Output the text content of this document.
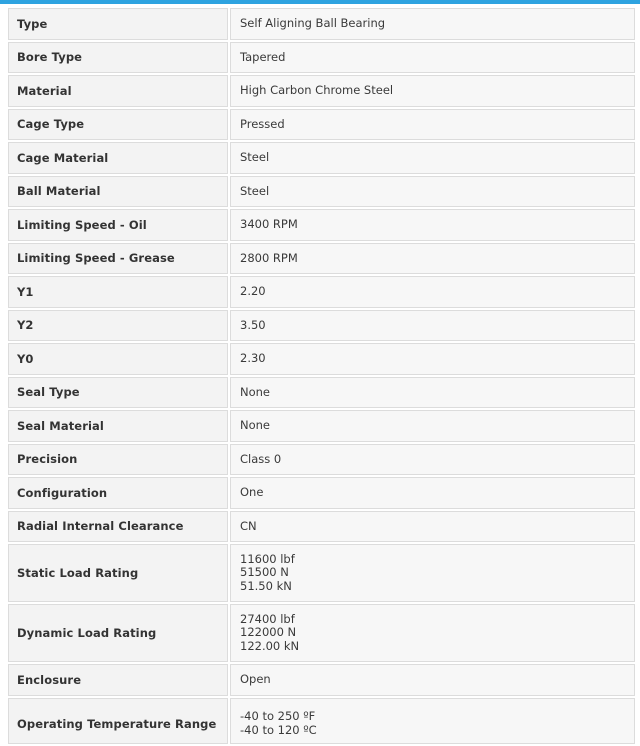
Type	Self Aligning Ball Bearing

Bore Type	Tapered

Material	High Carbon Chrome Steel

Cage Type	Pressed

Cage Material	Steel

Ball Material	Steel

Limiting Speed - Oil	3400 RPM

Limiting Speed - Grease	2800 RPM

Y1	2.20

Y2	3.50

Y0	2.30

Seal Type	None

Seal Material	None

Precision	Class 0

Configuration	One

Radial Internal Clearance	CN

Static Load Rating	11600 lbf
51500 N
51.50 kN

Dynamic Load Rating	27400 lbf
122000 N
122.00 kN

Enclosure	Open

Operating Temperature Range	-40 to 250 ºF
-40 to 120 ºC
